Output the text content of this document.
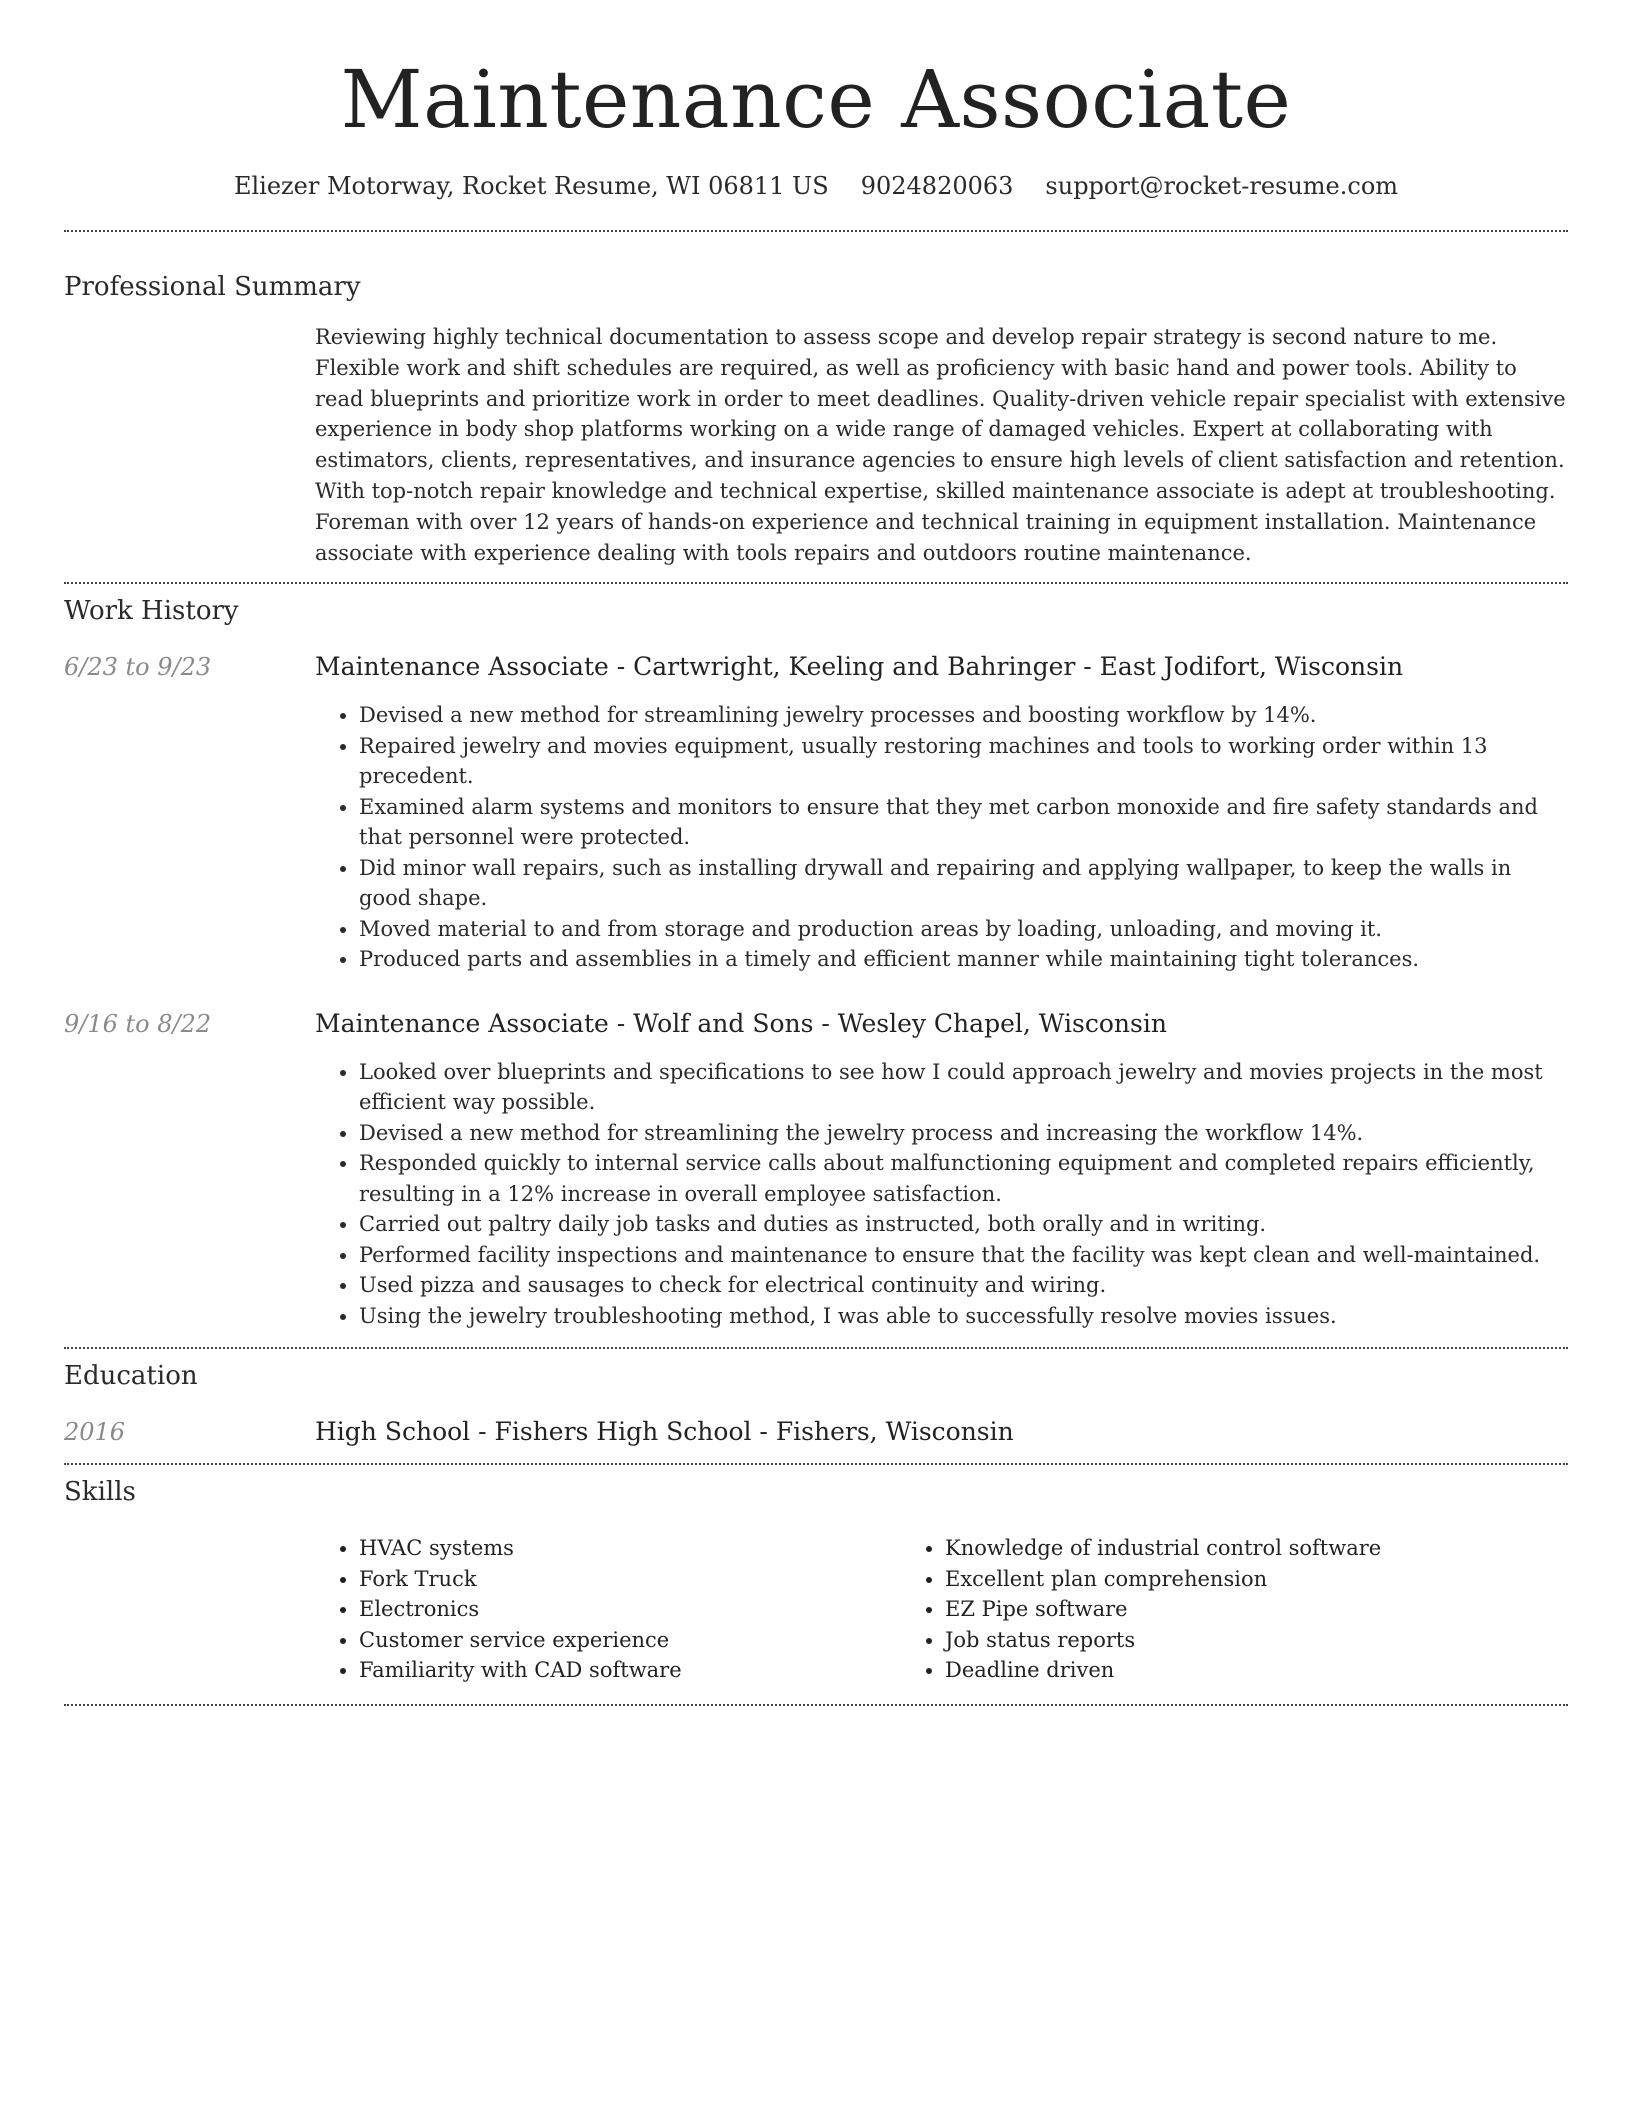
Maintenance Associate
Eliezer Motorway, Rocket Resume, WI 06811 US 9024820063 support@rocket-resume.com
Professional Summary
Reviewing highly technical documentation to assess scope and develop repair strategy is second nature to me. Flexible work and shift schedules are required, as well as proficiency with basic hand and power tools. Ability to read blueprints and prioritize work in order to meet deadlines. Quality-driven vehicle repair specialist with extensive experience in body shop platforms working on a wide range of damaged vehicles. Expert at collaborating with estimators, clients, representatives, and insurance agencies to ensure high levels of client satisfaction and retention. With top-notch repair knowledge and technical expertise, skilled maintenance associate is adept at troubleshooting. Foreman with over 12 years of hands-on experience and technical training in equipment installation. Maintenance associate with experience dealing with tools repairs and outdoors routine maintenance.
Work History
6/23 to 9/23	Maintenance Associate - Cartwright, Keeling and Bahringer - East Jodifort, Wisconsin
• Devised a new method for streamlining jewelry processes and boosting workflow by 14%.
• Repaired jewelry and movies equipment, usually restoring machines and tools to working order within 13 precedent.
• Examined alarm systems and monitors to ensure that they met carbon monoxide and fire safety standards and that personnel were protected.
• Did minor wall repairs, such as installing drywall and repairing and applying wallpaper, to keep the walls in good shape.
• Moved material to and from storage and production areas by loading, unloading, and moving it.
• Produced parts and assemblies in a timely and efficient manner while maintaining tight tolerances.
9/16 to 8/22	Maintenance Associate - Wolf and Sons - Wesley Chapel, Wisconsin
• Looked over blueprints and specifications to see how I could approach jewelry and movies projects in the most efficient way possible.
• Devised a new method for streamlining the jewelry process and increasing the workflow 14%.
• Responded quickly to internal service calls about malfunctioning equipment and completed repairs efficiently, resulting in a 12% increase in overall employee satisfaction.
• Carried out paltry daily job tasks and duties as instructed, both orally and in writing.
• Performed facility inspections and maintenance to ensure that the facility was kept clean and well-maintained.
• Used pizza and sausages to check for electrical continuity and wiring.
• Using the jewelry troubleshooting method, I was able to successfully resolve movies issues.
Education
2016	High School - Fishers High School - Fishers, Wisconsin
Skills
• HVAC systems
• Fork Truck
• Electronics
• Customer service experience
• Familiarity with CAD software
• Knowledge of industrial control software
• Excellent plan comprehension
• EZ Pipe software
• Job status reports
• Deadline driven
